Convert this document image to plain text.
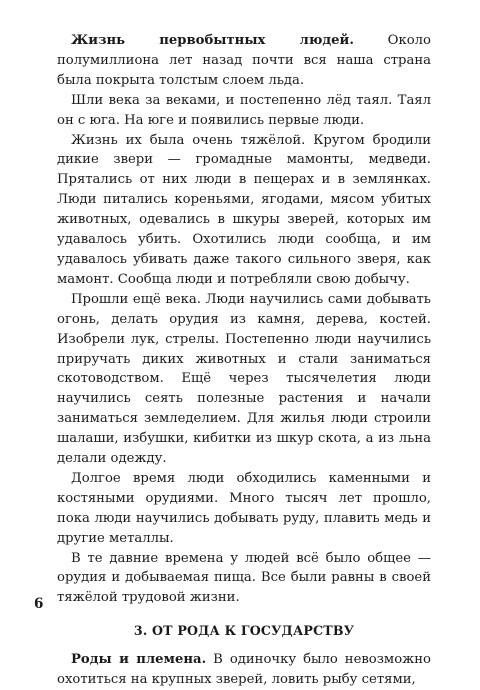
Жизнь первобытных людей. Около полумиллиона лет назад почти вся наша страна была покрыта толстым слоем льда.

Шли века за веками, и постепенно лёд таял. Таял он с юга. На юге и появились первые люди.

Жизнь их была очень тяжёлой. Кругом бродили дикие звери — громадные мамонты, медведи. Прятались от них люди в пещерах и в землянках. Люди питались кореньями, ягодами, мясом убитых животных, одевались в шкуры зверей, которых им удавалось убить. Охотились люди сообща, и им удавалось убивать даже такого сильного зверя, как мамонт. Сообща люди и потребляли свою добычу.

Прошли ещё века. Люди научились сами добывать огонь, делать орудия из камня, дерева, костей. Изобрели лук, стрелы. Постепенно люди научились приручать диких животных и стали заниматься скотоводством. Ещё через тысячелетия люди научились сеять полезные растения и начали заниматься земледелием. Для жилья люди строили шалаши, избушки, кибитки из шкур скота, а из льна делали одежду.

Долгое время люди обходились каменными и костяными орудиями. Много тысяч лет прошло, пока люди научились добывать руду, плавить медь и другие металлы.

В те давние времена у людей всё было общее — орудия и добываемая пища. Все были равны в своей тяжёлой трудовой жизни.

3. ОТ РОДА К ГОСУДАРСТВУ

Роды и племена. В одиночку было невозможно охотиться на крупных зверей, ловить рыбу сетями,

6
